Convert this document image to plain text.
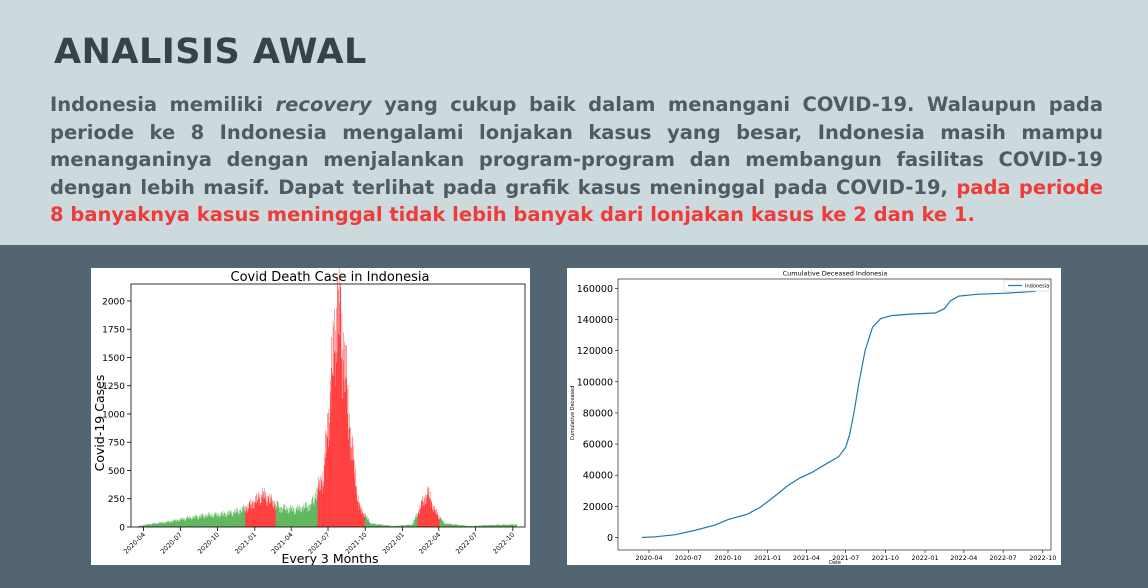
ANALISIS AWAL

Indonesia memiliki recovery yang cukup baik dalam menangani COVID-19. Walaupun pada periode ke 8 Indonesia mengalami lonjakan kasus yang besar, Indonesia masih mampu menanganinya dengan menjalankan program-program dan membangun fasilitas COVID-19 dengan lebih masif. Dapat terlihat pada grafik kasus meninggal pada COVID-19, pada periode 8 banyaknya kasus meninggal tidak lebih banyak dari lonjakan kasus ke 2 dan ke 1.

Covid Death Case in Indonesia
Every 3 Months
Covid-19 Cases
0
250
500
750
1000
1250
1500
1750
2000
2020-04 2020-07 2020-10 2021-01 2021-04 2021-07 2021-10 2022-01 2022-04 2022-07 2022-10
Cumulative Deceased Indonesia
Date
Cumulative Deceased
0
20000
40000
60000
80000
100000
120000
140000
160000
2020-04 2020-07 2020-10 2021-01 2021-04 2021-07 2021-10 2022-01 2022-04 2022-07 2022-10
Indonesia
